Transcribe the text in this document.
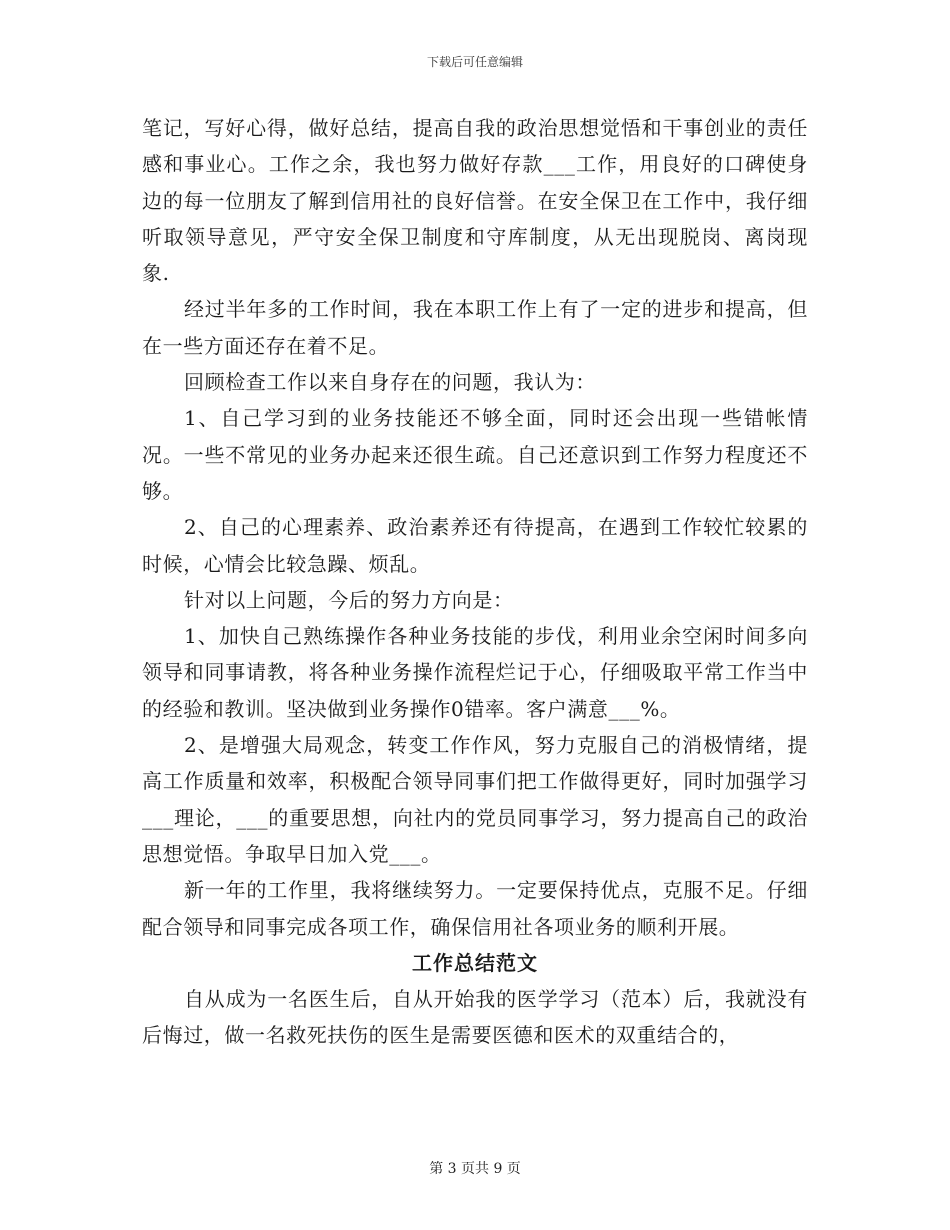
下载后可任意编辑

笔记，写好心得，做好总结，提高自我的政治思想觉悟和干事创业的责任感和事业心。工作之余，我也努力做好存款___工作，用良好的口碑使身边的每一位朋友了解到信用社的良好信誉。在安全保卫在工作中，我仔细听取领导意见，严守安全保卫制度和守库制度，从无出现脱岗、离岗现象.

经过半年多的工作时间，我在本职工作上有了一定的进步和提高，但在一些方面还存在着不足。

回顾检查工作以来自身存在的问题，我认为：

1、自己学习到的业务技能还不够全面，同时还会出现一些错帐情况。一些不常见的业务办起来还很生疏。自己还意识到工作努力程度还不够。

2、自己的心理素养、政治素养还有待提高，在遇到工作较忙较累的时候，心情会比较急躁、烦乱。

针对以上问题，今后的努力方向是：

1、加快自己熟练操作各种业务技能的步伐，利用业余空闲时间多向领导和同事请教，将各种业务操作流程烂记于心，仔细吸取平常工作当中的经验和教训。坚决做到业务操作0错率。客户满意___%。

2、是增强大局观念，转变工作作风，努力克服自己的消极情绪，提高工作质量和效率，积极配合领导同事们把工作做得更好，同时加强学习___理论，___的重要思想，向社内的党员同事学习，努力提高自己的政治思想觉悟。争取早日加入党___。

新一年的工作里，我将继续努力。一定要保持优点，克服不足。仔细配合领导和同事完成各项工作，确保信用社各项业务的顺利开展。

工作总结范文

自从成为一名医生后，自从开始我的医学学习（范本）后，我就没有后悔过，做一名救死扶伤的医生是需要医德和医术的双重结合的，

第 3 页共 9 页
